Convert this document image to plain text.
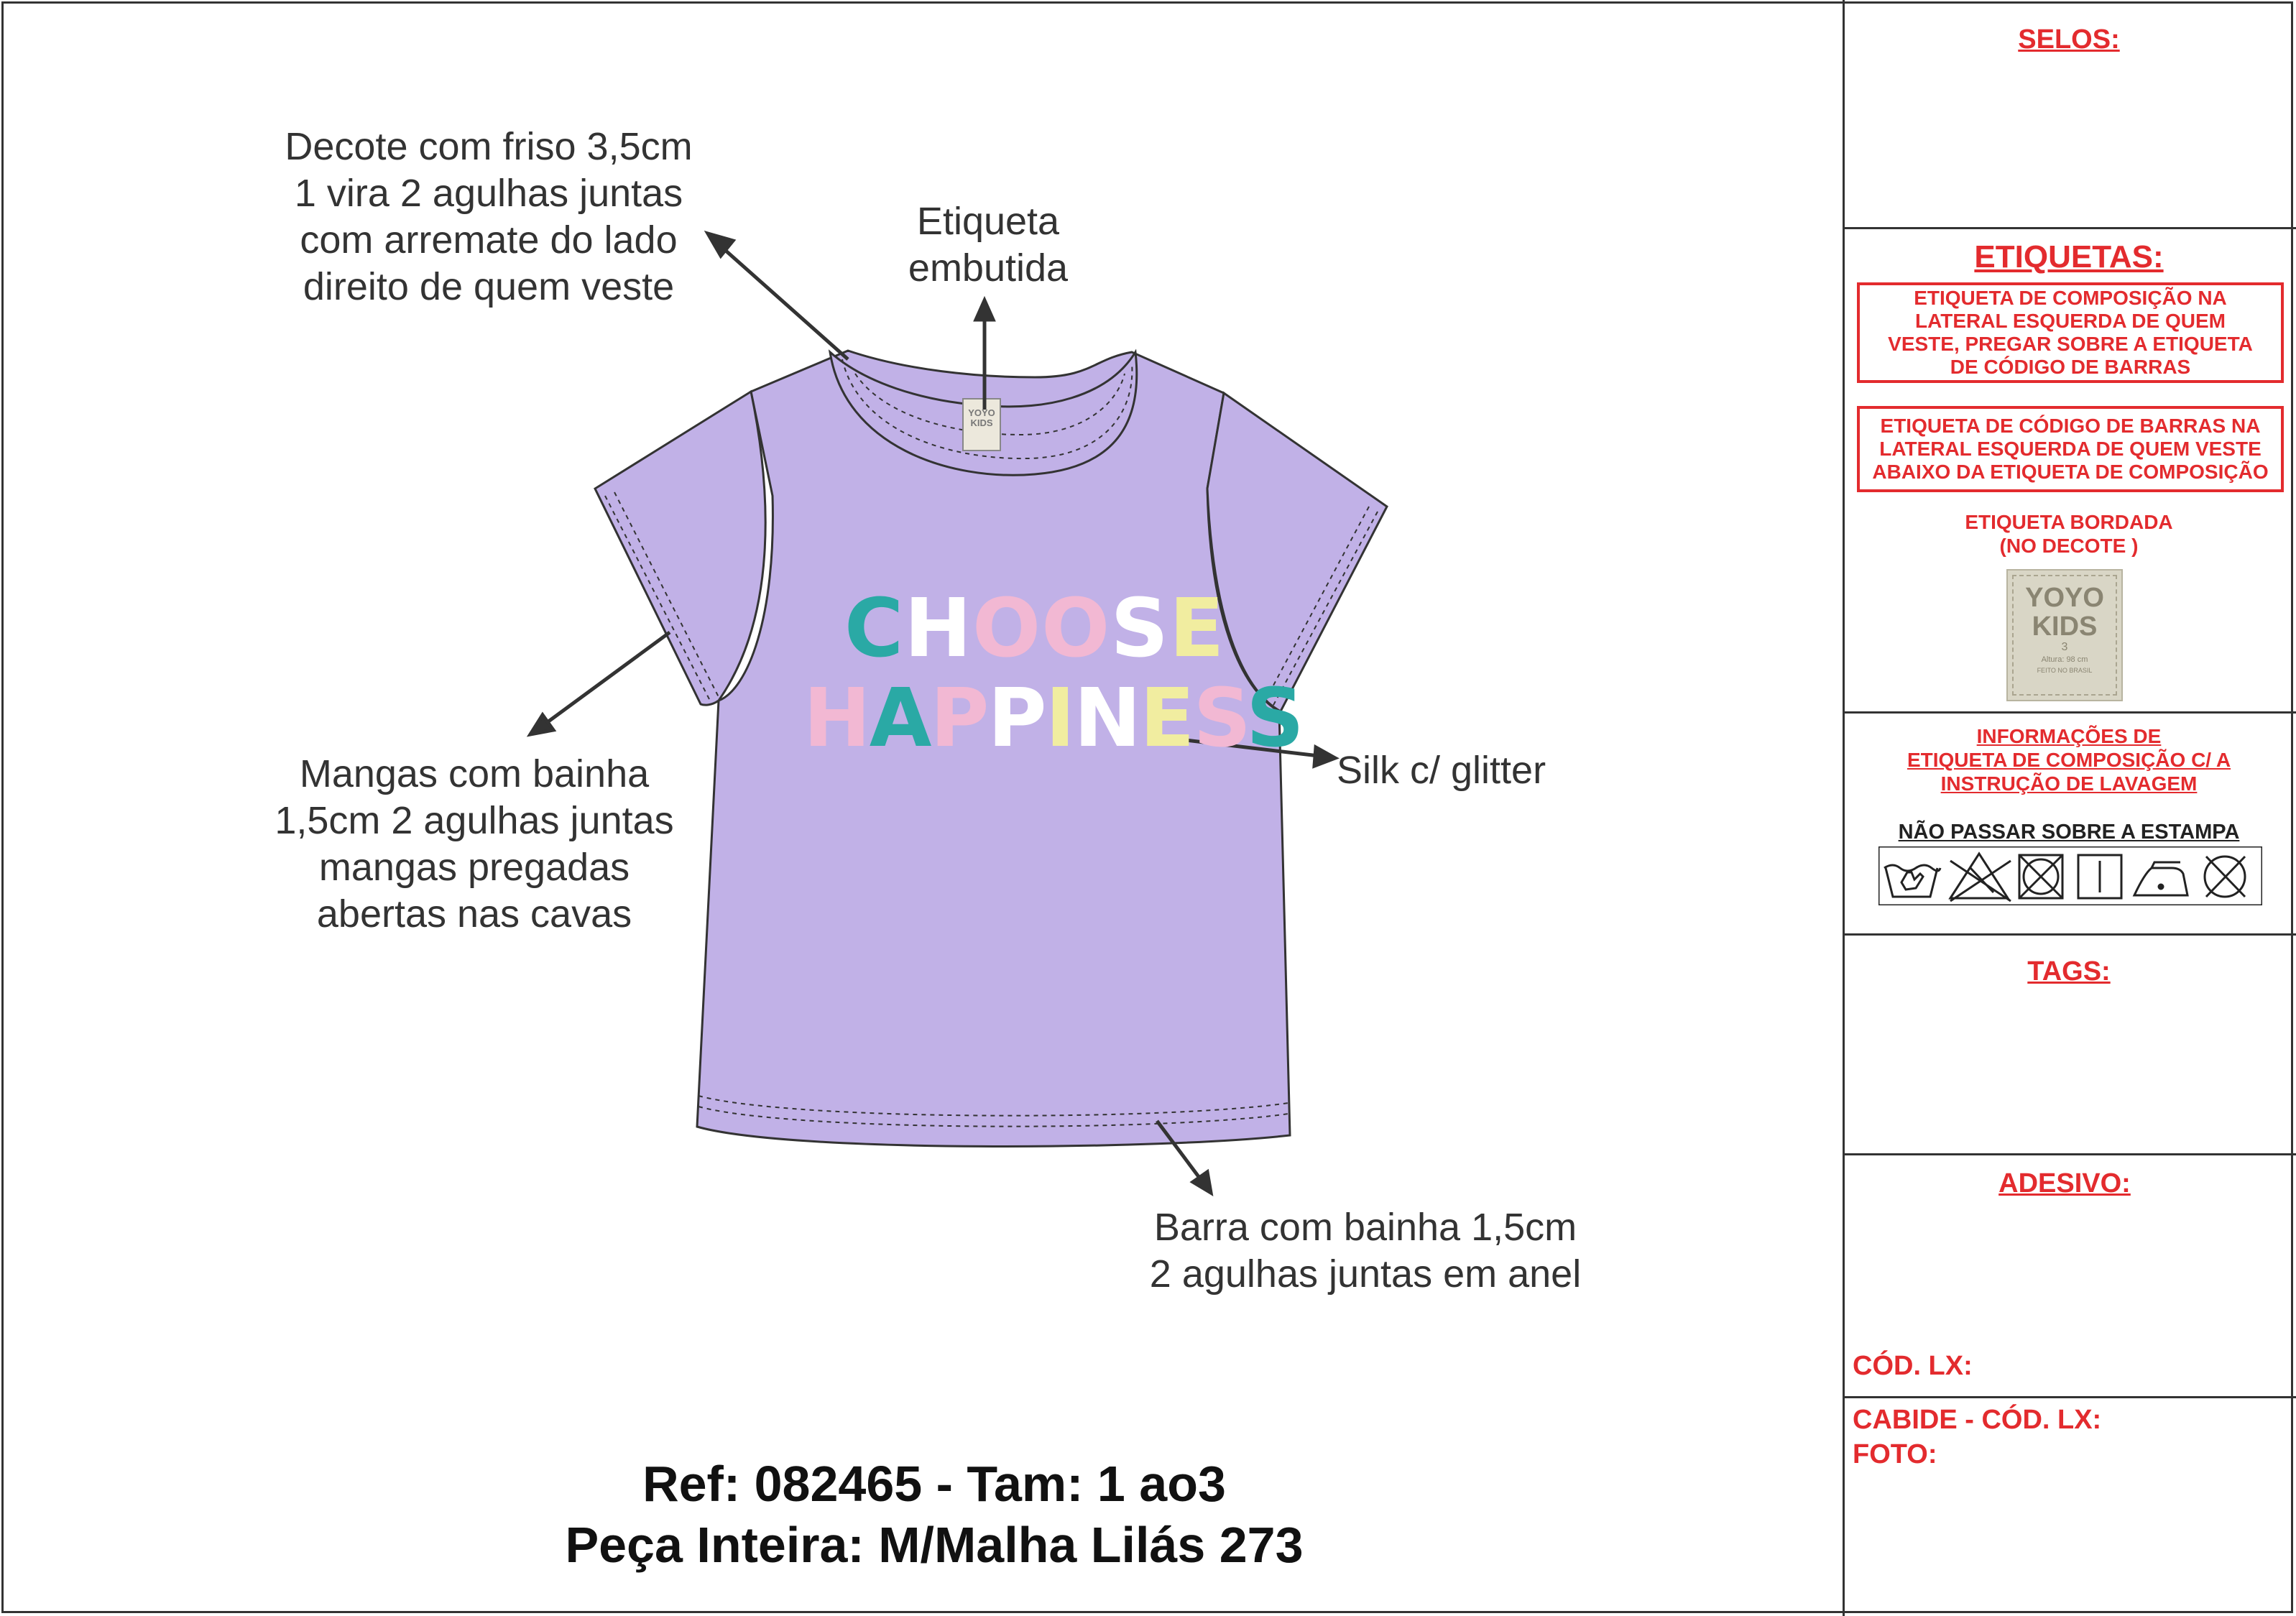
YOYO
KIDS
CHOOSE
HAPPINESS
Decote com friso 3,5cm
1 vira 2 agulhas juntas
com arremate do lado
direito de quem veste
Etiqueta
embutida
Mangas com bainha
1,5cm 2 agulhas juntas
mangas pregadas
abertas nas cavas
Silk c/ glitter
Barra com bainha 1,5cm
2 agulhas juntas em anel
Ref: 082465 - Tam: 1 ao3
Peça Inteira: M/Malha Lilás 273
SELOS:
ETIQUETAS:
ETIQUETA DE COMPOSIÇÃO NA
LATERAL ESQUERDA DE QUEM
VESTE, PREGAR SOBRE A ETIQUETA
DE CÓDIGO DE BARRAS
ETIQUETA DE CÓDIGO DE BARRAS NA
LATERAL ESQUERDA DE QUEM VESTE
ABAIXO DA ETIQUETA DE COMPOSIÇÃO
ETIQUETA BORDADA
(NO DECOTE )
YOYO
KIDS
3
Altura: 98 cm
FEITO NO BRASIL
INFORMAÇÕES DE
ETIQUETA DE COMPOSIÇÃO C/ A
INSTRUÇÃO DE LAVAGEM
NÃO PASSAR SOBRE A ESTAMPA
TAGS:
ADESIVO:
CÓD. LX:
CABIDE - CÓD. LX:
FOTO:
